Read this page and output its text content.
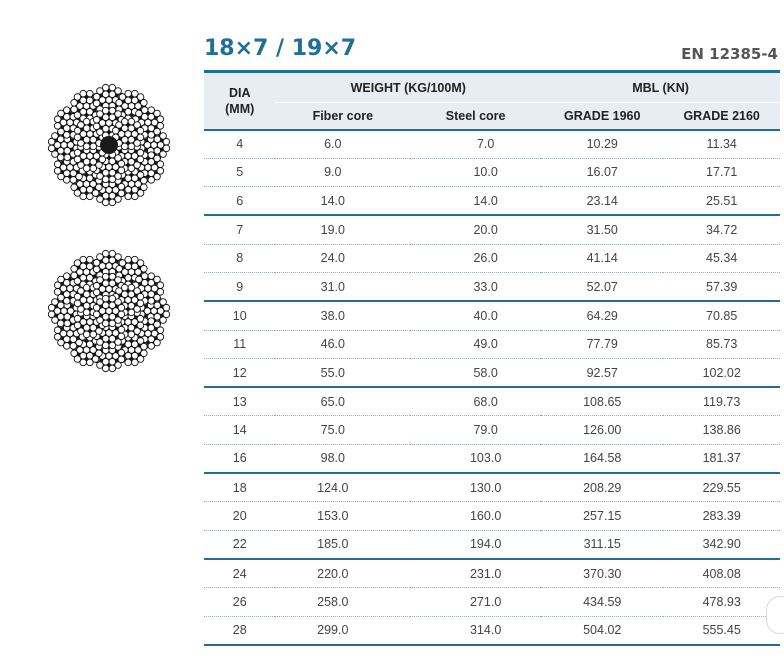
18×7 / 19×7	EN 12385-4
DIA
(MM)	WEIGHT (KG/100M)		MBL (KN)	
	Fiber core	Steel core	GRADE 1960	GRADE 2160
4	6.0	7.0	10.29	11.34
5	9.0	10.0	16.07	17.71
6	14.0	14.0	23.14	25.51
7	19.0	20.0	31.50	34.72
8	24.0	26.0	41.14	45.34
9	31.0	33.0	52.07	57.39
10	38.0	40.0	64.29	70.85
11	46.0	49.0	77.79	85.73
12	55.0	58.0	92.57	102.02
13	65.0	68.0	108.65	119.73
14	75.0	79.0	126.00	138.86
16	98.0	103.0	164.58	181.37
18	124.0	130.0	208.29	229.55
20	153.0	160.0	257.15	283.39
22	185.0	194.0	311.15	342.90
24	220.0	231.0	370.30	408.08
26	258.0	271.0	434.59	478.93
28	299.0	314.0	504.02	555.45
